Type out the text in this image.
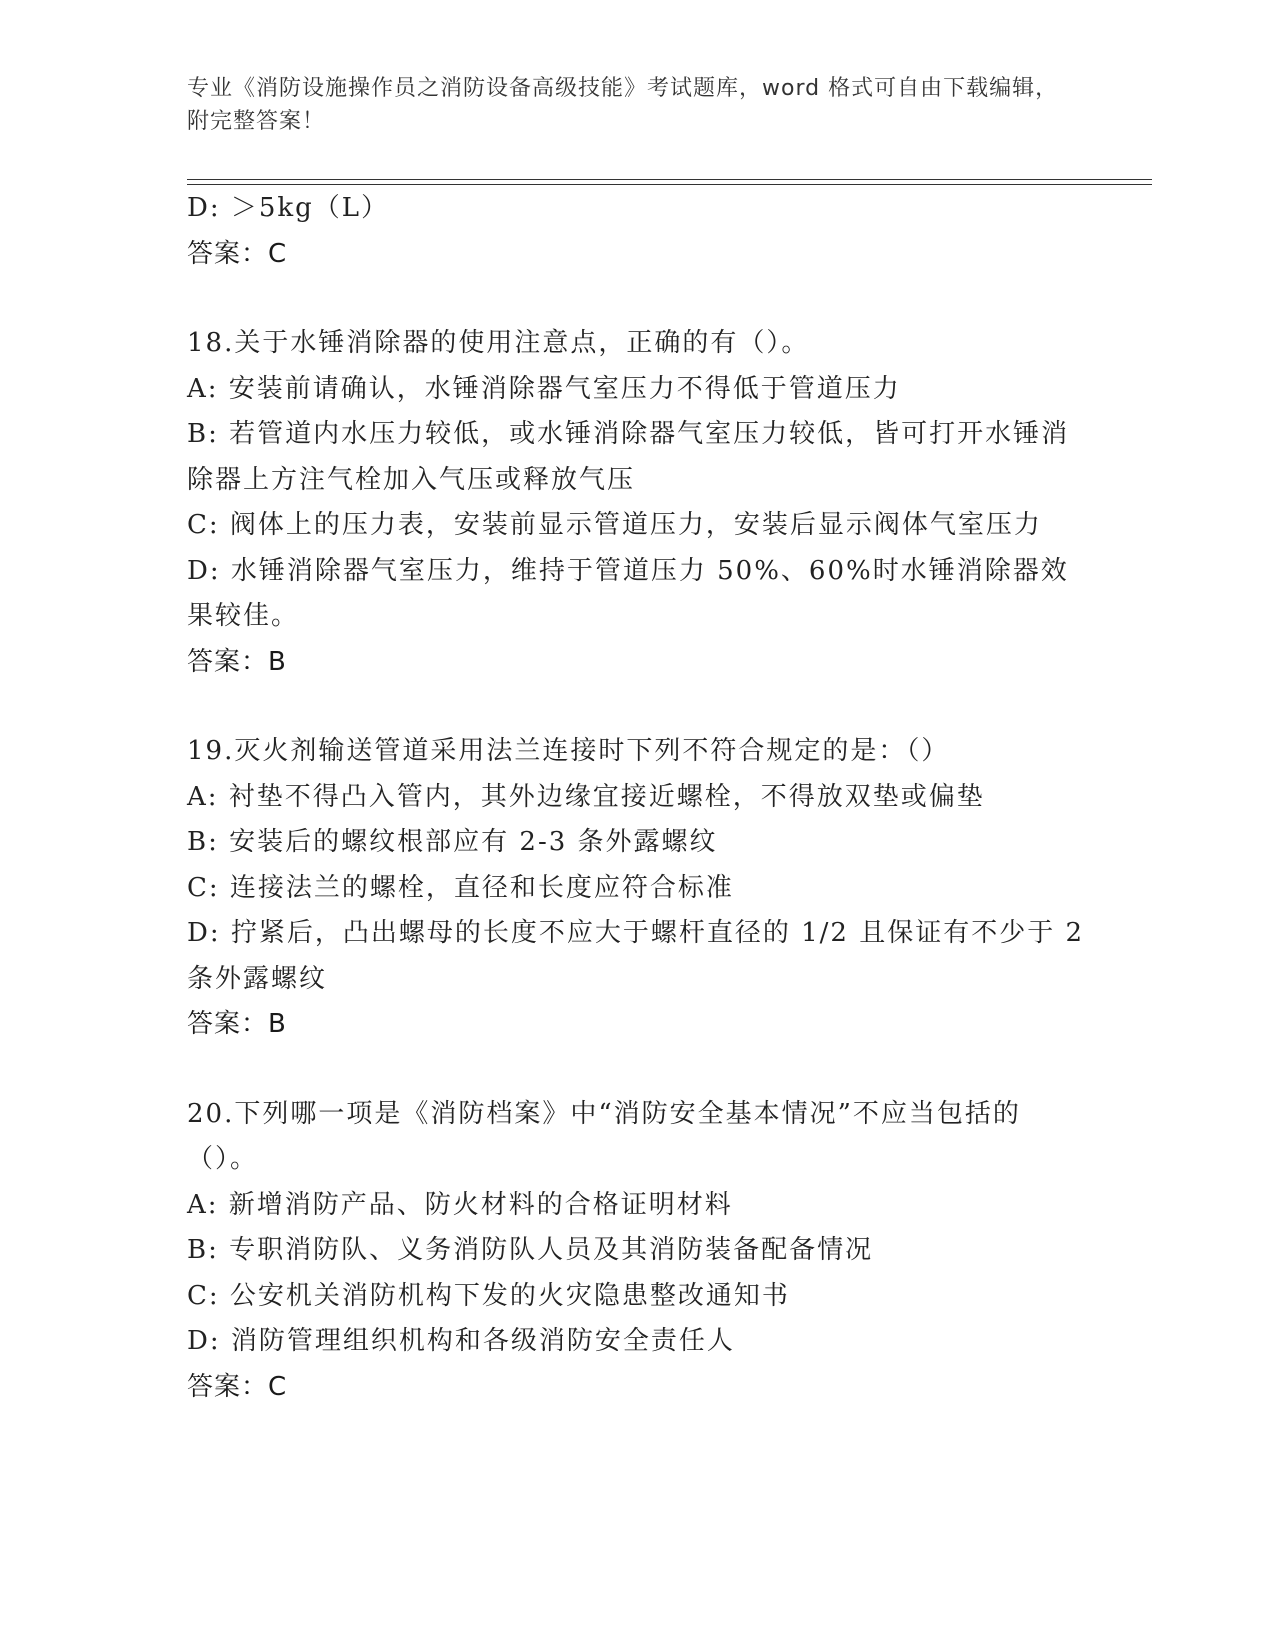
专业《消防设施操作员之消防设备高级技能》考试题库，word 格式可自由下载编辑，附完整答案！

D: ＞5kg（L）

答案：C

18.关于水锤消除器的使用注意点，正确的有（）。

A: 安装前请确认，水锤消除器气室压力不得低于管道压力

B: 若管道内水压力较低，或水锤消除器气室压力较低，皆可打开水锤消除器上方注气栓加入气压或释放气压

C: 阀体上的压力表，安装前显示管道压力，安装后显示阀体气室压力

D: 水锤消除器气室压力，维持于管道压力 50%、60%时水锤消除器效果较佳。

答案：B

19.灭火剂输送管道采用法兰连接时下列不符合规定的是：（）

A: 衬垫不得凸入管内，其外边缘宜接近螺栓，不得放双垫或偏垫

B: 安装后的螺纹根部应有 2-3 条外露螺纹

C: 连接法兰的螺栓，直径和长度应符合标准

D: 拧紧后，凸出螺母的长度不应大于螺杆直径的 1/2 且保证有不少于 2 条外露螺纹

答案：B

20.下列哪一项是《消防档案》中“消防安全基本情况”不应当包括的（）。

A: 新增消防产品、防火材料的合格证明材料

B: 专职消防队、义务消防队人员及其消防装备配备情况

C: 公安机关消防机构下发的火灾隐患整改通知书

D: 消防管理组织机构和各级消防安全责任人

答案：C
